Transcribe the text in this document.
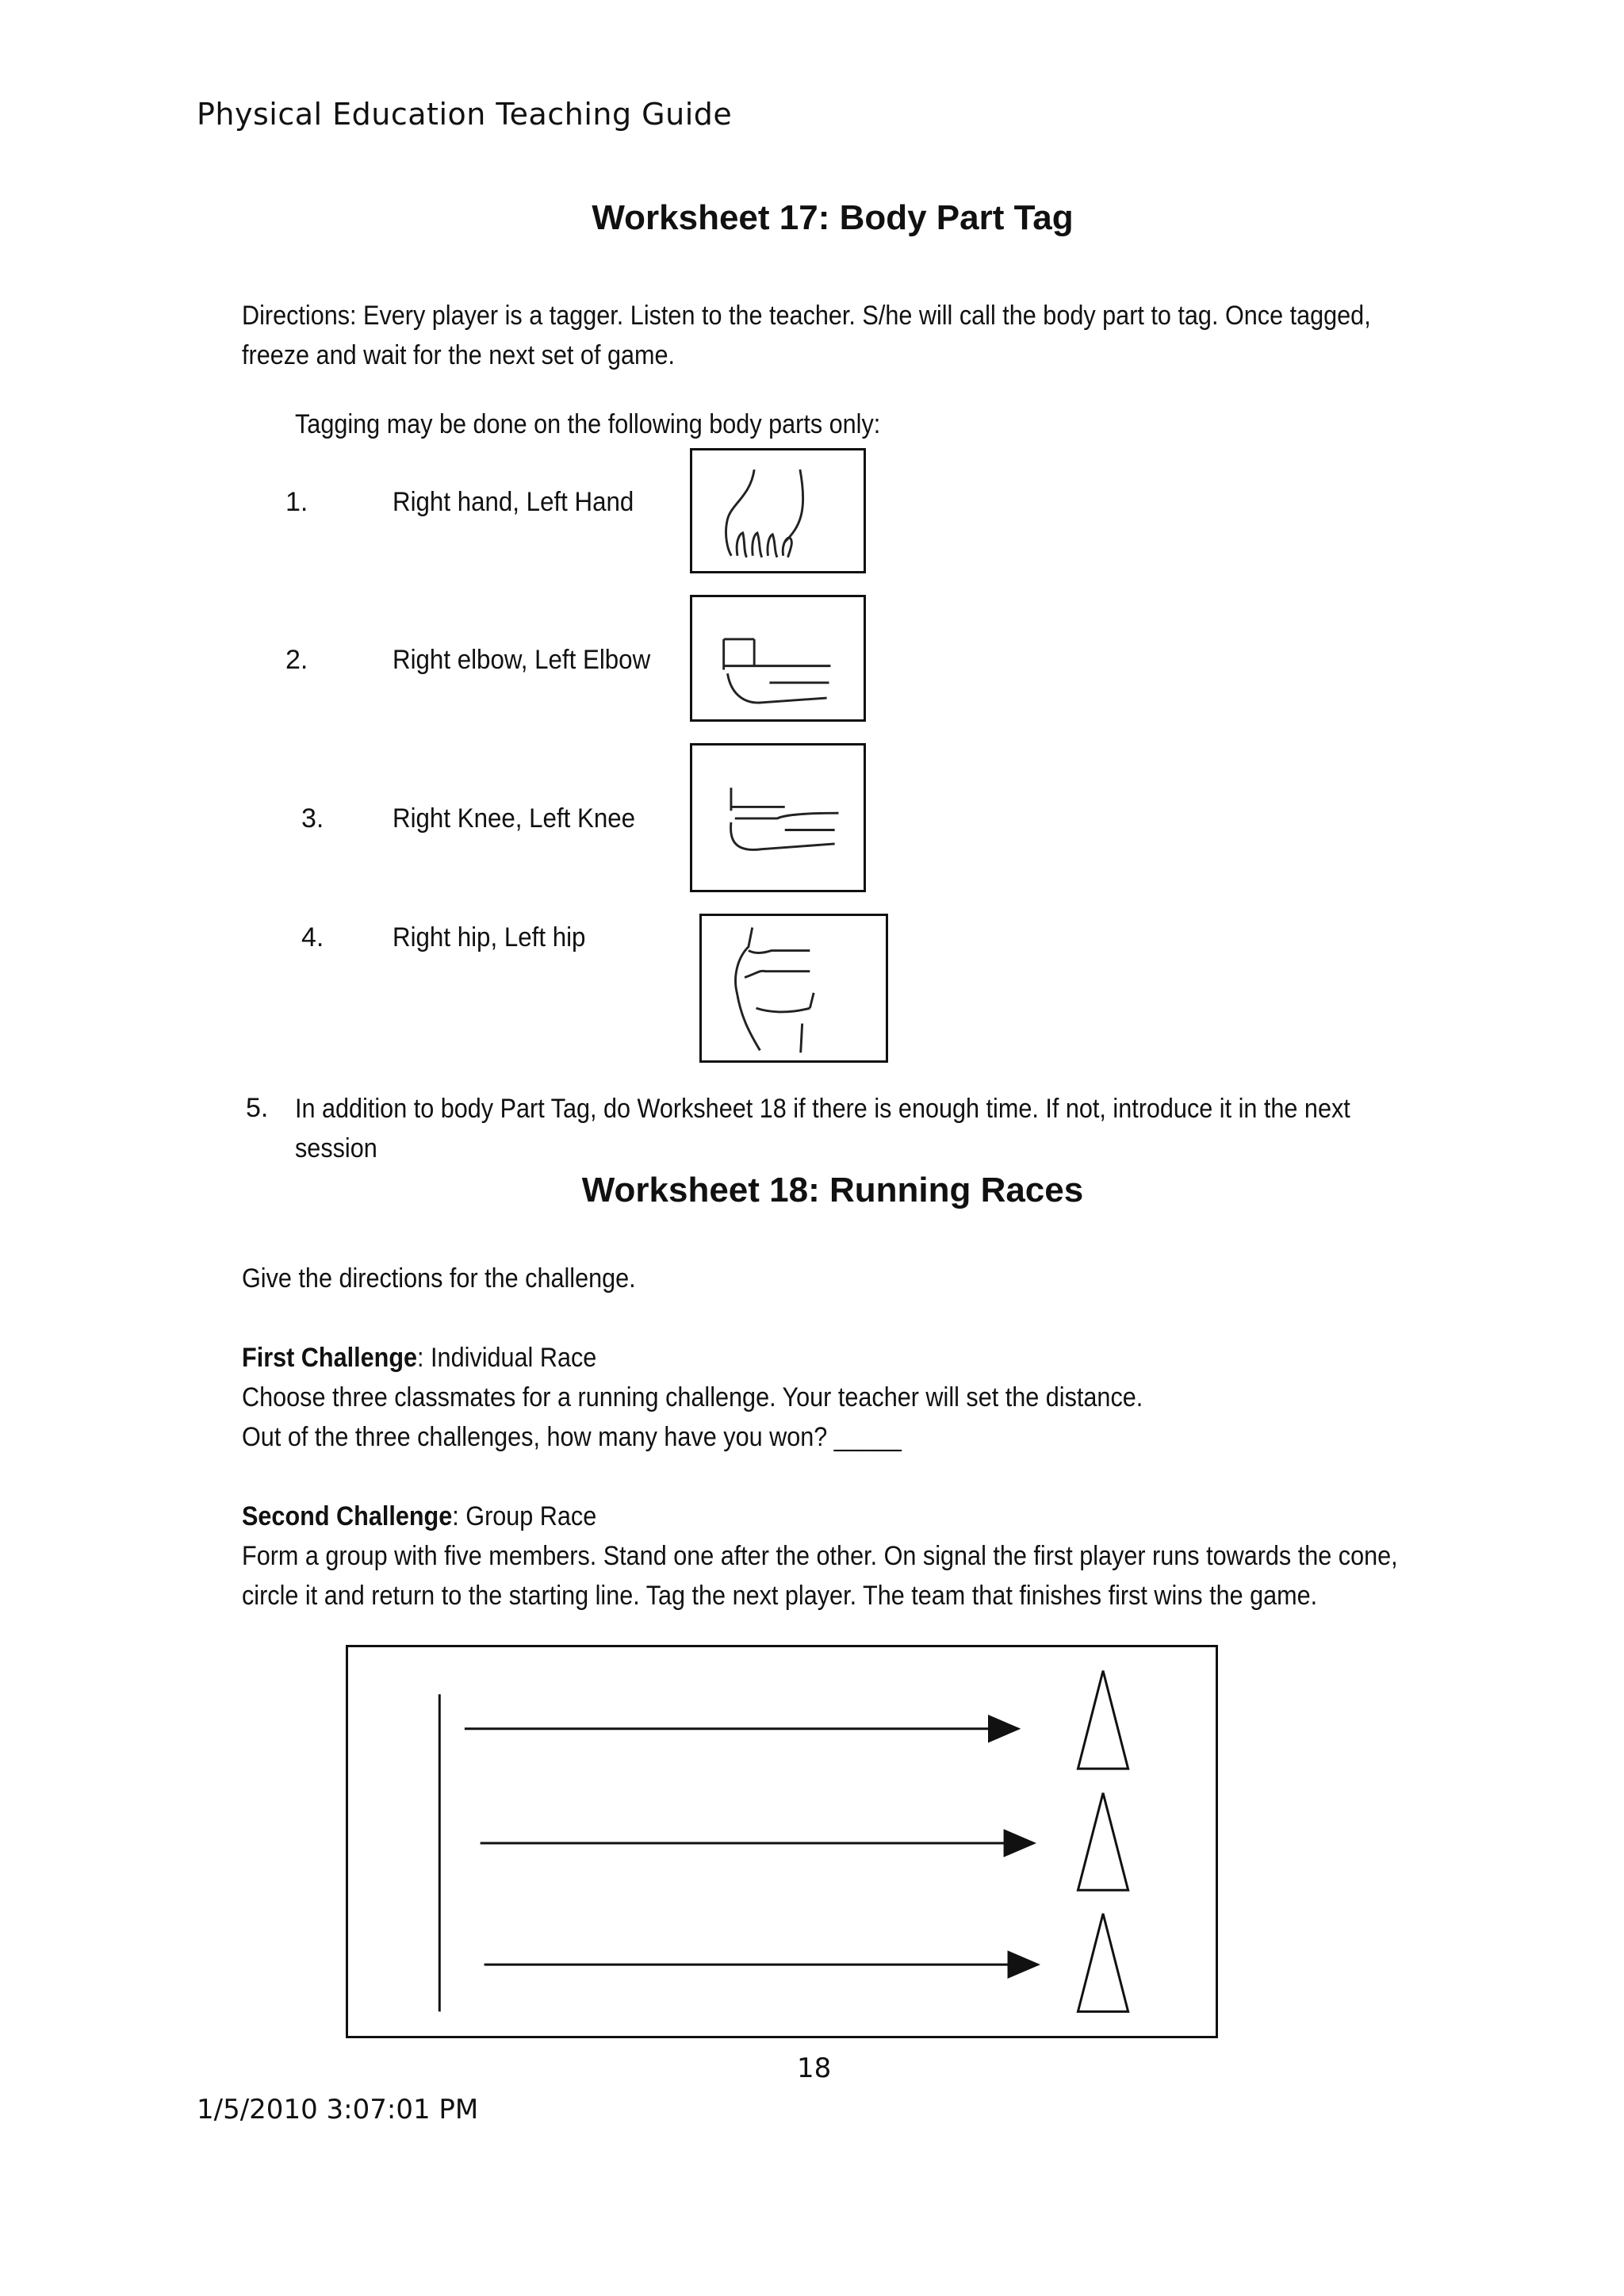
Physical Education Teaching Guide
Worksheet 17: Body Part Tag
Directions: Every player is a tagger. Listen to the teacher. S/he will call the body part to tag. Once tagged,
freeze and wait for the next set of game.
Tagging may be done on the following body parts only:
1.	Right hand, Left Hand
2.	Right elbow, Left Elbow
3.	Right Knee, Left Knee
4.	Right hip, Left hip
5. In addition to body Part Tag, do Worksheet 18 if there is enough time. If not, introduce it in the next
session
Worksheet 18: Running Races
Give the directions for the challenge.
First Challenge: Individual Race
Choose three classmates for a running challenge. Your teacher will set the distance.
Out of the three challenges, how many have you won? _____
Second Challenge: Group Race
Form a group with five members. Stand one after the other. On signal the first player runs towards the cone,
circle it and return to the starting line. Tag the next player. The team that finishes first wins the game.
18
1/5/2010 3:07:01 PM
